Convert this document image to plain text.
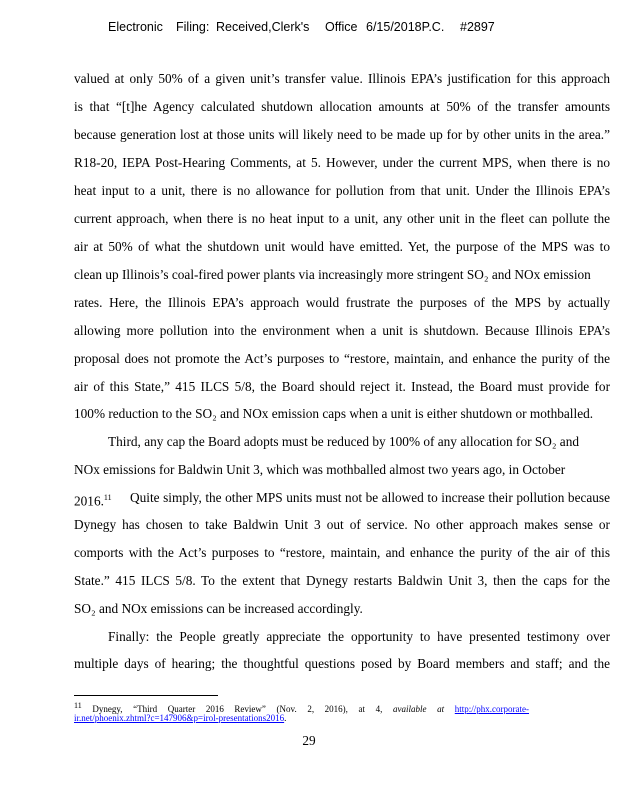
Electronic Filing: Received,Clerk's Office 6/15/2018P.C. #2897
valued at only 50% of a given unit’s transfer value. Illinois EPA’s justification for this approach
is that “[t]he Agency calculated shutdown allocation amounts at 50% of the transfer amounts
because generation lost at those units will likely need to be made up for by other units in the area.”
R18-20, IEPA Post-Hearing Comments, at 5. However, under the current MPS, when there is no
heat input to a unit, there is no allowance for pollution from that unit. Under the Illinois EPA’s
current approach, when there is no heat input to a unit, any other unit in the fleet can pollute the
air at 50% of what the shutdown unit would have emitted. Yet, the purpose of the MPS was to
clean up Illinois’s coal-fired power plants via increasingly more stringent SO₂ and NOx emission
rates. Here, the Illinois EPA’s approach would frustrate the purposes of the MPS by actually
allowing more pollution into the environment when a unit is shutdown. Because Illinois EPA’s
proposal does not promote the Act’s purposes to “restore, maintain, and enhance the purity of the
air of this State,” 415 ILCS 5/8, the Board should reject it. Instead, the Board must provide for
100% reduction to the SO₂ and NOx emission caps when a unit is either shutdown or mothballed.
Third, any cap the Board adopts must be reduced by 100% of any allocation for SO₂ and
NOx emissions for Baldwin Unit 3, which was mothballed almost two years ago, in October
2016.11	Quite simply, the other MPS units must not be allowed to increase their pollution because
Dynegy has chosen to take Baldwin Unit 3 out of service. No other approach makes sense or
comports with the Act’s purposes to “restore, maintain, and enhance the purity of the air of this
State.” 415 ILCS 5/8. To the extent that Dynegy restarts Baldwin Unit 3, then the caps for the
SO₂ and NOx emissions can be increased accordingly.
Finally: the People greatly appreciate the opportunity to have presented testimony over
multiple days of hearing; the thoughtful questions posed by Board members and staff; and the
$^{11}$ Dynegy, “Third Quarter 2016 Review” (Nov. 2, 2016), at 4, available at http://phx.corporate-
ir.net/phoenix.zhtml?c=147906&p=irol-presentations2016.
29
